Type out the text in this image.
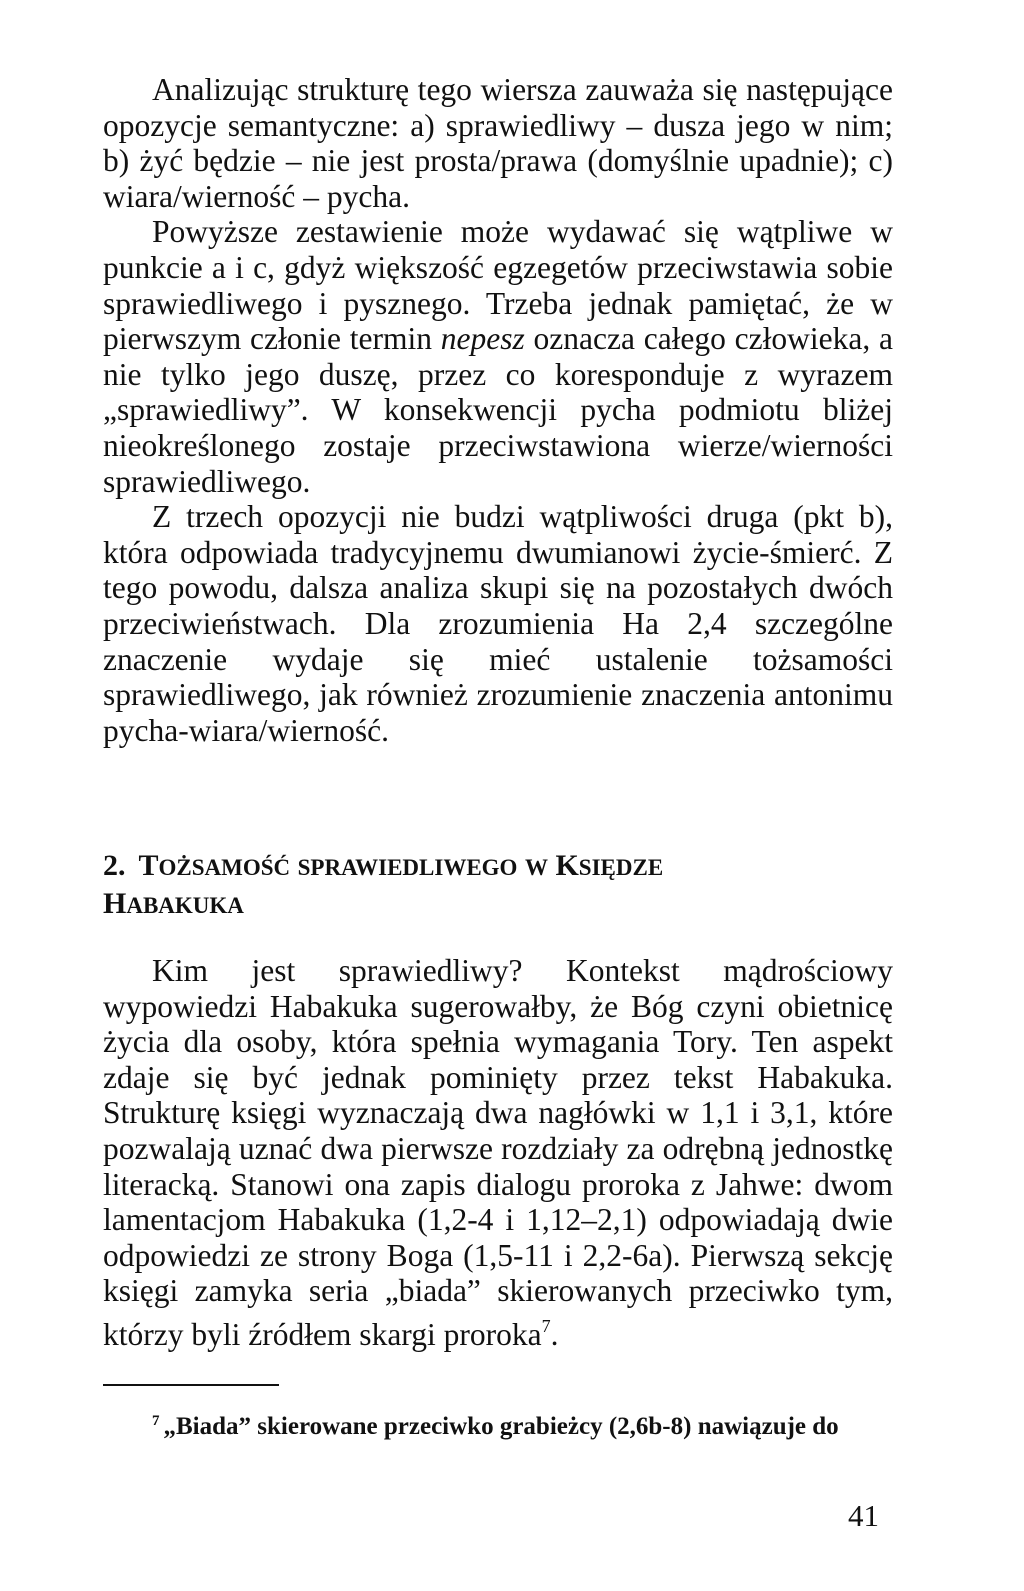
Analizując strukturę tego wiersza zauważa się następujące opozycje semantyczne: a) sprawiedliwy – dusza jego w nim; b) żyć będzie – nie jest prosta/prawa (domyślnie upadnie); c) wiara/wierność – pycha.

Powyższe zestawienie może wydawać się wątpliwe w punkcie a i c, gdyż większość egzegetów przeciwstawia sobie sprawiedliwego i pysznego. Trzeba jednak pamiętać, że w pierwszym członie termin nepesz oznacza całego człowieka, a nie tylko jego duszę, przez co koresponduje z wyrazem „sprawiedliwy”. W konsekwencji pycha podmiotu bliżej nieokreślonego zostaje przeciwstawiona wierze/wierności sprawiedliwego.

Z trzech opozycji nie budzi wątpliwości druga (pkt b), która odpowiada tradycyjnemu dwumianowi życie-śmierć. Z tego powodu, dalsza analiza skupi się na pozostałych dwóch przeciwieństwach. Dla zrozumienia Ha 2,4 szczególne znaczenie wydaje się mieć ustalenie tożsamości sprawiedliwego, jak również zrozumienie znaczenia antonimu pycha-wiara/wierność.

2. TOŻSAMOŚĆ SPRAWIEDLIWEGO W KSIĘDZE
HABAKUKA

Kim jest sprawiedliwy? Kontekst mądrościowy wypowiedzi Habakuka sugerowałby, że Bóg czyni obietnicę życia dla osoby, która spełnia wymagania Tory. Ten aspekt zdaje się być jednak pominięty przez tekst Habakuka. Strukturę księgi wyznaczają dwa nagłówki w 1,1 i 3,1, które pozwalają uznać dwa pierwsze rozdziały za odrębną jednostkę literacką. Stanowi ona zapis dialogu proroka z Jahwe: dwom lamentacjom Habakuka (1,2-4 i 1,12–2,1) odpowiadają dwie odpowiedzi ze strony Boga (1,5-11 i 2,2-6a). Pierwszą sekcję księgi zamyka seria „biada” skierowanych przeciwko tym, którzy byli źródłem skargi proroka$^7$.

$^7$ „Biada” skierowane przeciwko grabieżcy (2,6b-8) nawiązuje do

41
